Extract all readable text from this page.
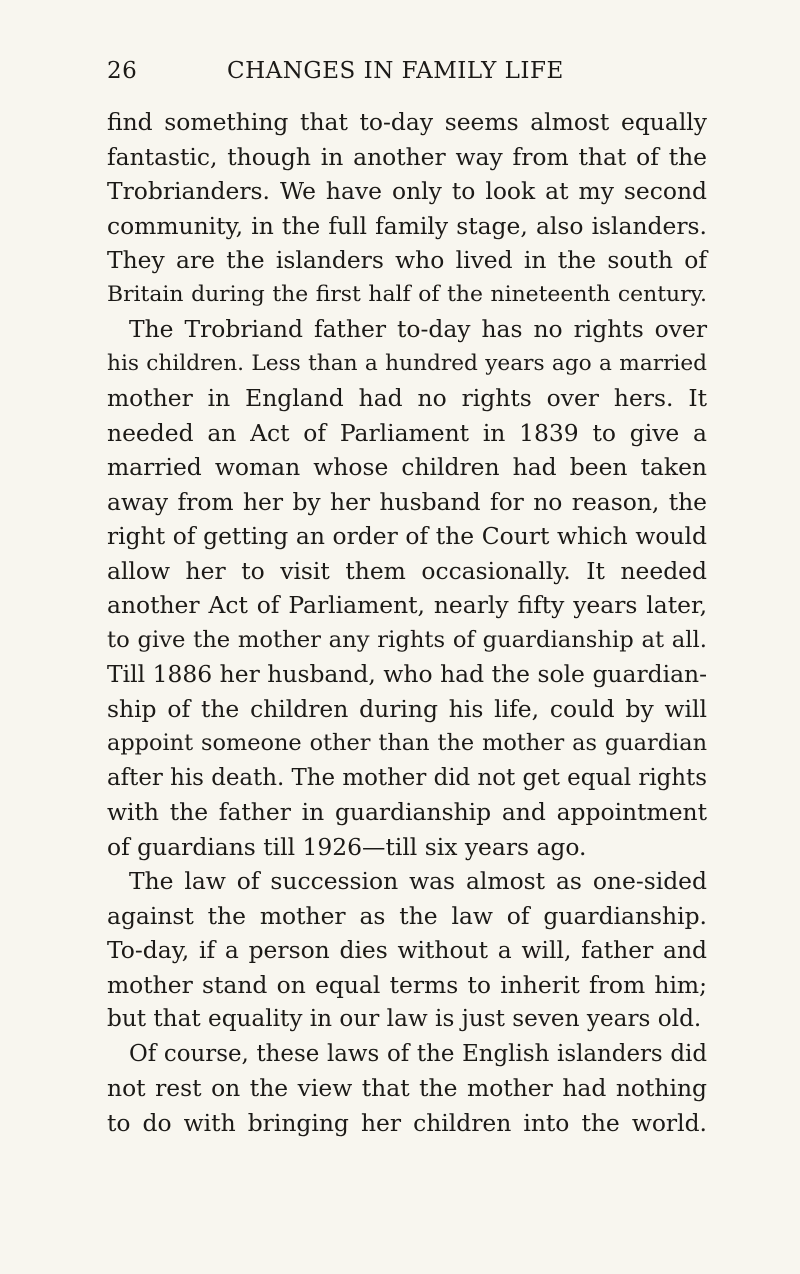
26	CHANGES IN FAMILY LIFE
find something that to-day seems almost equally
fantastic, though in another way from that of the
Trobrianders. We have only to look at my second
community, in the full family stage, also islanders.
They are the islanders who lived in the south of
Britain during the first half of the nineteenth century.
The Trobriand father to-day has no rights over
his children. Less than a hundred years ago a married
mother in England had no rights over hers. It
needed an Act of Parliament in 1839 to give a
married woman whose children had been taken
away from her by her husband for no reason, the
right of getting an order of the Court which would
allow her to visit them occasionally. It needed
another Act of Parliament, nearly fifty years later,
to give the mother any rights of guardianship at all.
Till 1886 her husband, who had the sole guardian-
ship of the children during his life, could by will
appoint someone other than the mother as guardian
after his death. The mother did not get equal rights
with the father in guardianship and appointment
of guardians till 1926—till six years ago.
The law of succession was almost as one-sided
against the mother as the law of guardianship.
To-day, if a person dies without a will, father and
mother stand on equal terms to inherit from him;
but that equality in our law is just seven years old.
Of course, these laws of the English islanders did
not rest on the view that the mother had nothing
to do with bringing her children into the world.
